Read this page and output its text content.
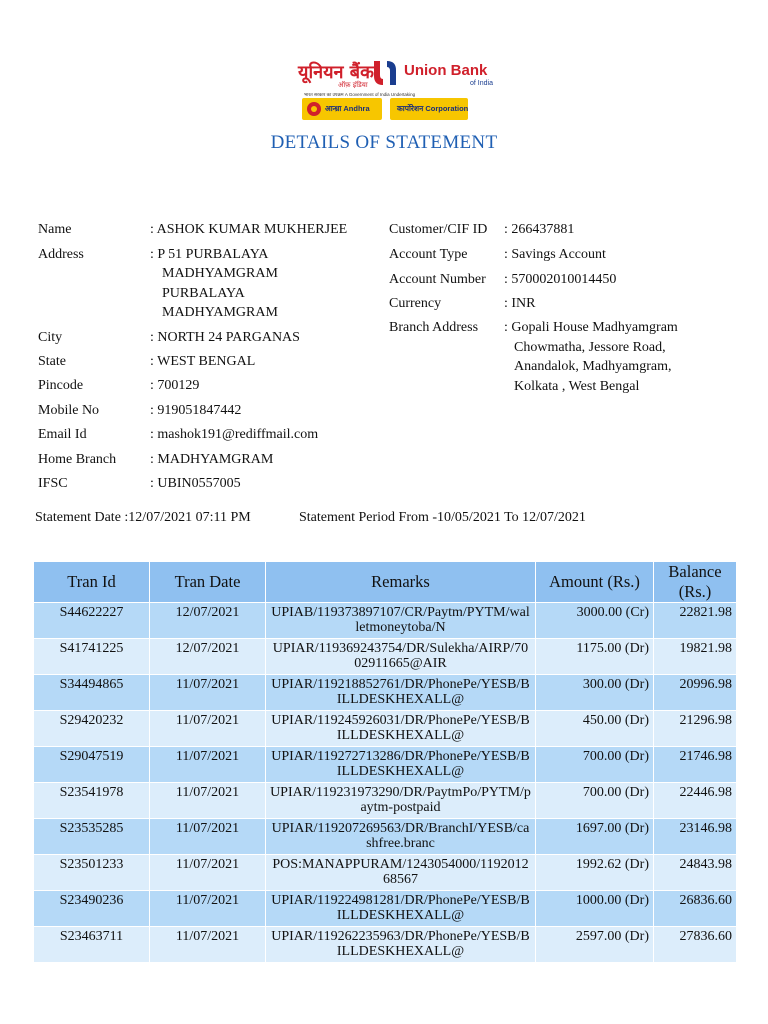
यूनियन बैंक
ऑफ़ इंडिया
Union Bank
of India
भारत सरकार का उपक्रम A Government of India Undertaking
आन्ध्रा Andhra	कार्पोरेशन Corporation
DETAILS OF STATEMENT
Name	: ASHOK KUMAR MUKHERJEE
Address	: P 51 PURBALAYA
MADHYAMGRAM
PURBALAYA
MADHYAMGRAM
City	: NORTH 24 PARGANAS
State	: WEST BENGAL
Pincode	: 700129
Mobile No	: 919051847442
Email Id	: mashok191@rediffmail.com
Home Branch : MADHYAMGRAM
IFSC	: UBIN0557005
Customer/CIF ID : 266437881
Account Type	: Savings Account
Account Number : 570002010014450
Currency	: INR
Branch Address : Gopali House Madhyamgram
Chowmatha, Jessore Road,
Anandalok, Madhyamgram,
Kolkata , West Bengal
Statement Date :12/07/2021 07:11 PM	Statement Period From -10/05/2021 To 12/07/2021
Tran Id	Tran Date	Remarks	Amount (Rs.)	Balance (Rs.)
S44622227	12/07/2021	UPIAB/119373897107/CR/Paytm/PYTM/walletmoneytoba/N	3000.00 (Cr)	22821.98
S41741225	12/07/2021	UPIAR/119369243754/DR/Sulekha/AIRP/7002911665@AIR	1175.00 (Dr)	19821.98
S34494865	11/07/2021	UPIAR/119218852761/DR/PhonePe/YESB/BILLDESKHEXALL@	300.00 (Dr)	20996.98
S29420232	11/07/2021	UPIAR/119245926031/DR/PhonePe/YESB/BILLDESKHEXALL@	450.00 (Dr)	21296.98
S29047519	11/07/2021	UPIAR/119272713286/DR/PhonePe/YESB/BILLDESKHEXALL@	700.00 (Dr)	21746.98
S23541978	11/07/2021	UPIAR/119231973290/DR/PaytmPo/PYTM/paytm-postpaid	700.00 (Dr)	22446.98
S23535285	11/07/2021	UPIAR/119207269563/DR/BranchI/YESB/cashfree.branc	1697.00 (Dr)	23146.98
S23501233	11/07/2021	POS:MANAPPURAM/1243054000/119201268567	1992.62 (Dr)	24843.98
S23490236	11/07/2021	UPIAR/119224981281/DR/PhonePe/YESB/BILLDESKHEXALL@	1000.00 (Dr)	26836.60
S23463711	11/07/2021	UPIAR/119262235963/DR/PhonePe/YESB/BILLDESKHEXALL@	2597.00 (Dr)	27836.60
